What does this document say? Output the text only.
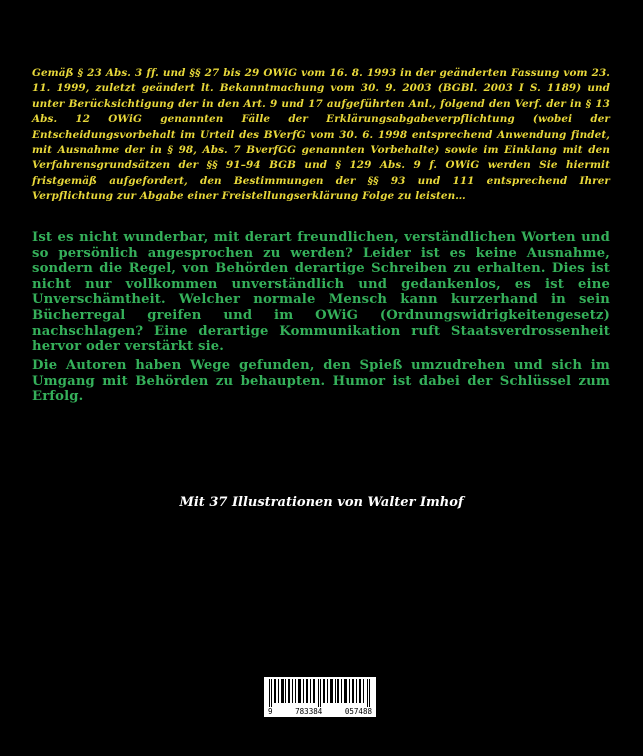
Gemäß § 23 Abs. 3 ff. und §§ 27 bis 29 OWiG vom 16. 8. 1993 in der geänderten Fassung vom 23. 11. 1999, zuletzt geändert lt. Bekanntmachung vom 30. 9. 2003 (BGBl. 2003 I S. 1189) und unter Berücksichtigung der in den Art. 9 und 17 aufgeführten Anl., folgend den Verf. der in § 13 Abs. 12 OWiG genannten Fälle der Erklärungsabgabeverpflichtung (wobei der Entscheidungsvorbehalt im Urteil des BVerfG vom 30. 6. 1998 entsprechend Anwendung findet, mit Ausnahme der in § 98, Abs. 7 BverfGG genannten Vorbehalte) sowie im Einklang mit den Verfahrensgrundsätzen der §§ 91–94 BGB und § 129 Abs. 9 f. OWiG werden Sie hiermit fristgemäß aufgefordert, den Bestimmungen der §§ 93 und 111 entsprechend Ihrer Verpflichtung zur Abgabe einer Freistellungserklärung Folge zu leisten…

Ist es nicht wunderbar, mit derart freundlichen, verständlichen Worten und so persönlich angesprochen zu werden? Leider ist es keine Ausnahme, sondern die Regel, von Behörden derartige Schreiben zu erhalten. Dies ist nicht nur vollkommen unverständlich und gedankenlos, es ist eine Unverschämtheit. Welcher normale Mensch kann kurzerhand in sein Bücherregal greifen und im OWiG (Ordnungswidrigkeitengesetz) nachschlagen? Eine derartige Kommunikation ruft Staatsverdrossenheit hervor oder verstärkt sie.

Die Autoren haben Wege gefunden, den Spieß umzudrehen und sich im Umgang mit Behörden zu behaupten. Humor ist dabei der Schlüssel zum Erfolg.

Mit 37 Illustrationen von Walter Imhof

9	783384	057488
